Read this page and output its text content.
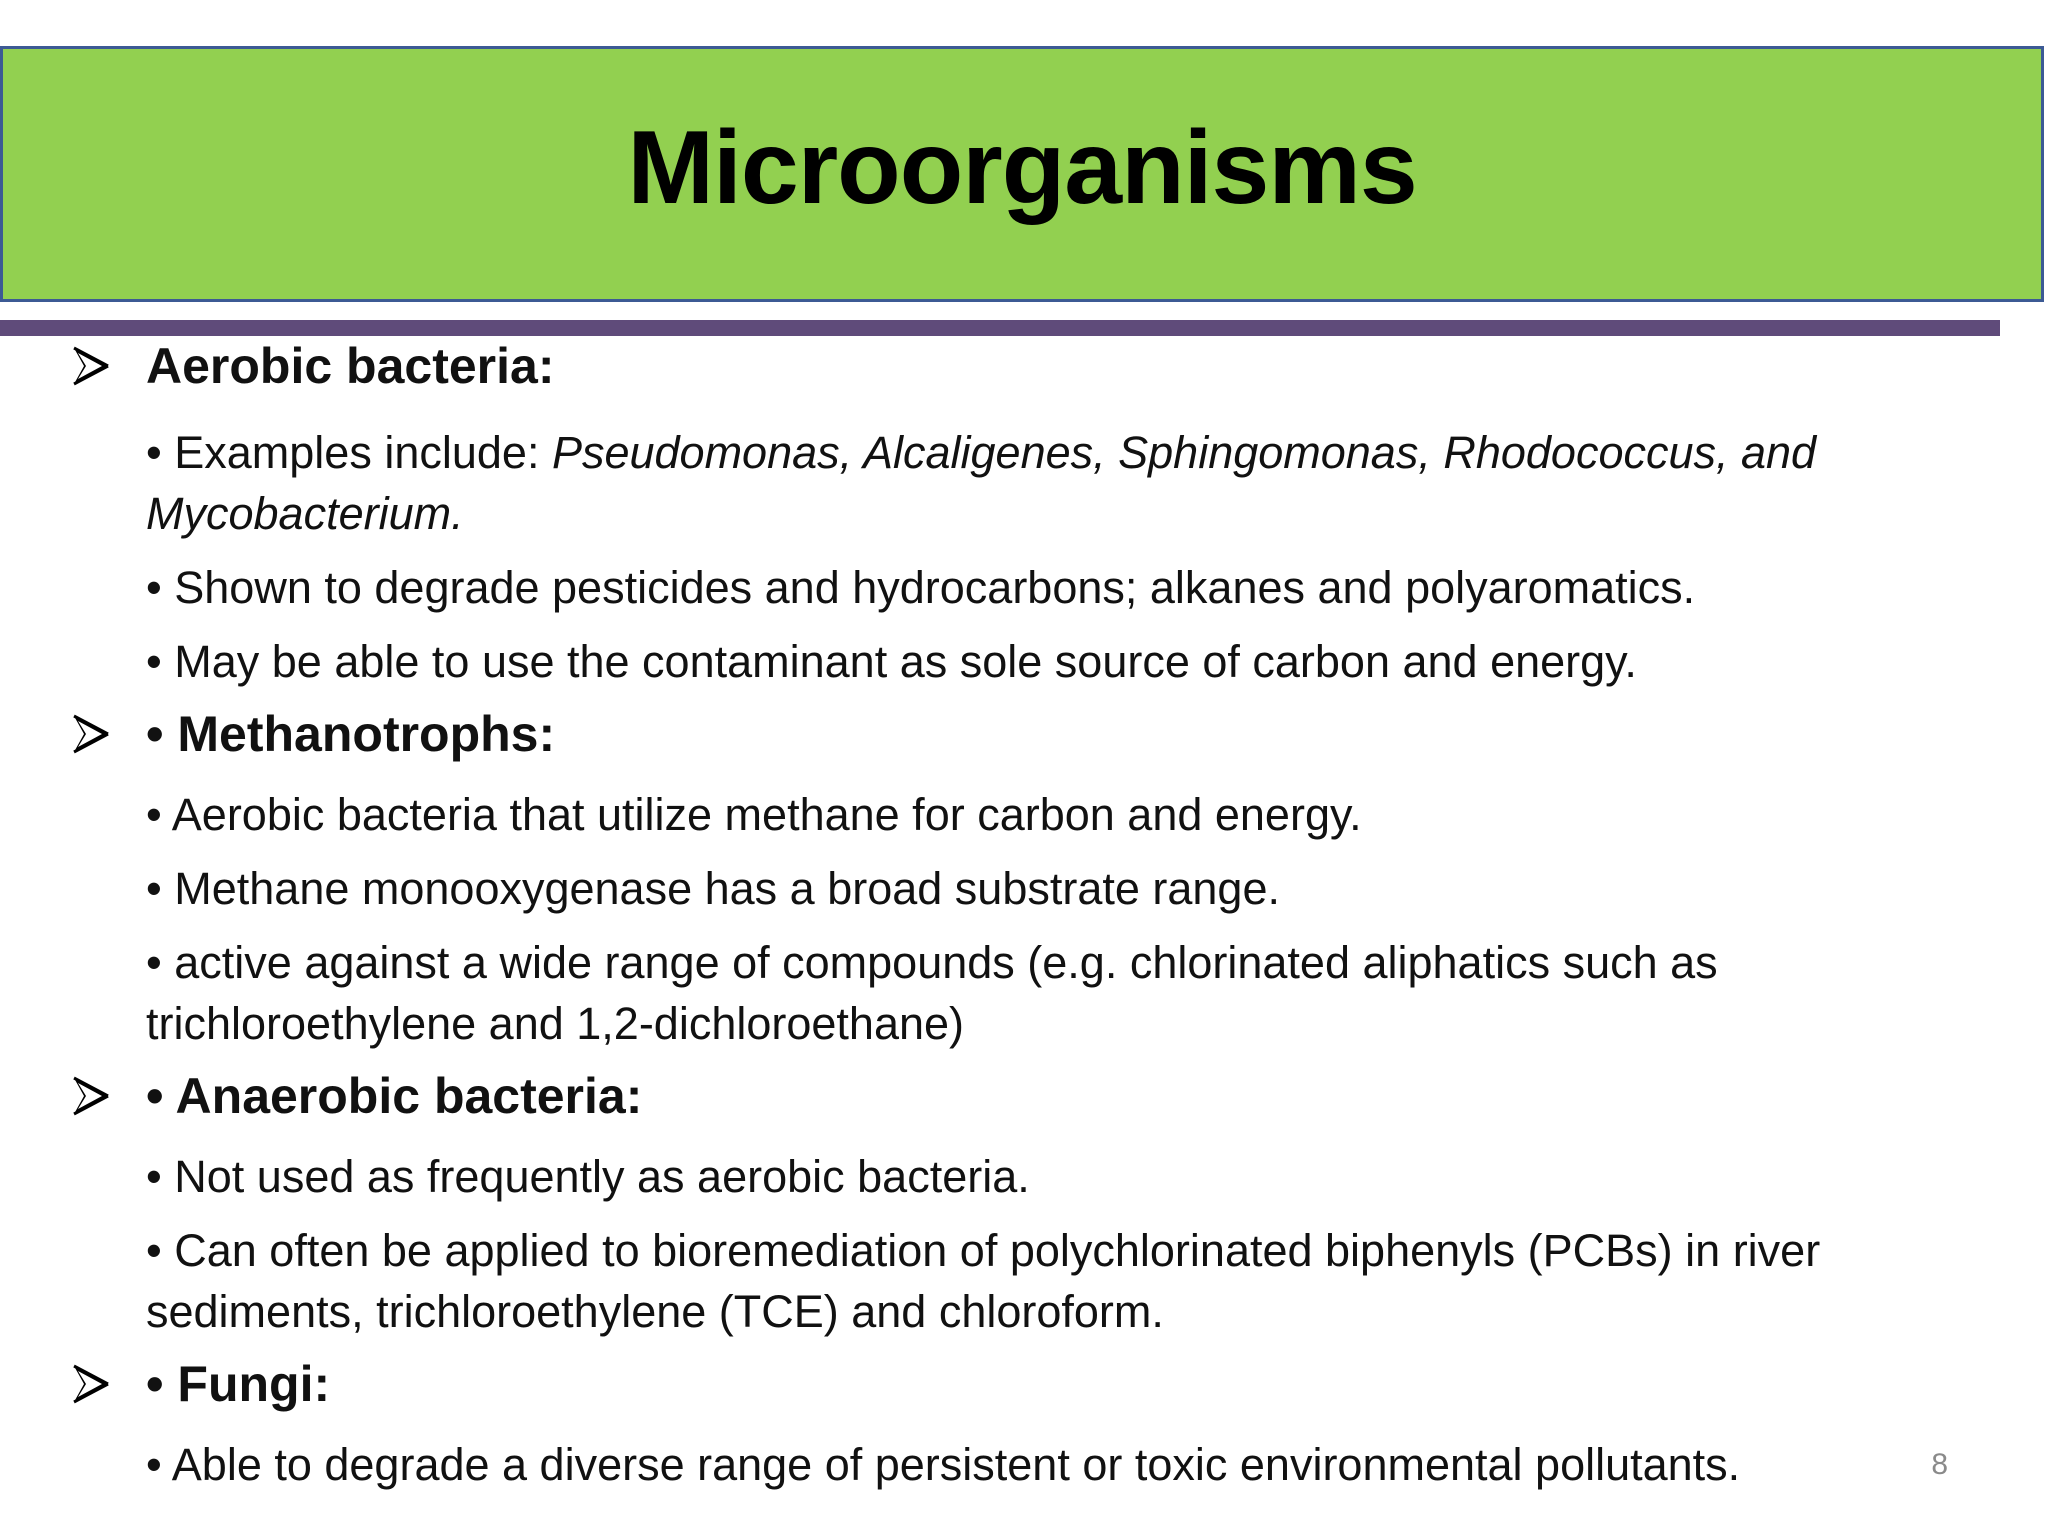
Microorganisms
Aerobic bacteria:
• Examples include: Pseudomonas, Alcaligenes, Sphingomonas, Rhodococcus, and Mycobacterium.
• Shown to degrade pesticides and hydrocarbons; alkanes and polyaromatics.
• May be able to use the contaminant as sole source of carbon and energy.
• Methanotrophs:
• Aerobic bacteria that utilize methane for carbon and energy.
• Methane monooxygenase has a broad substrate range.
• active against a wide range of compounds (e.g. chlorinated aliphatics such as trichloroethylene and 1,2-dichloroethane)
• Anaerobic bacteria:
• Not used as frequently as aerobic bacteria.
• Can often be applied to bioremediation of polychlorinated biphenyls (PCBs) in river sediments, trichloroethylene (TCE) and chloroform.
• Fungi:
• Able to degrade a diverse range of persistent or toxic environmental pollutants.	8
